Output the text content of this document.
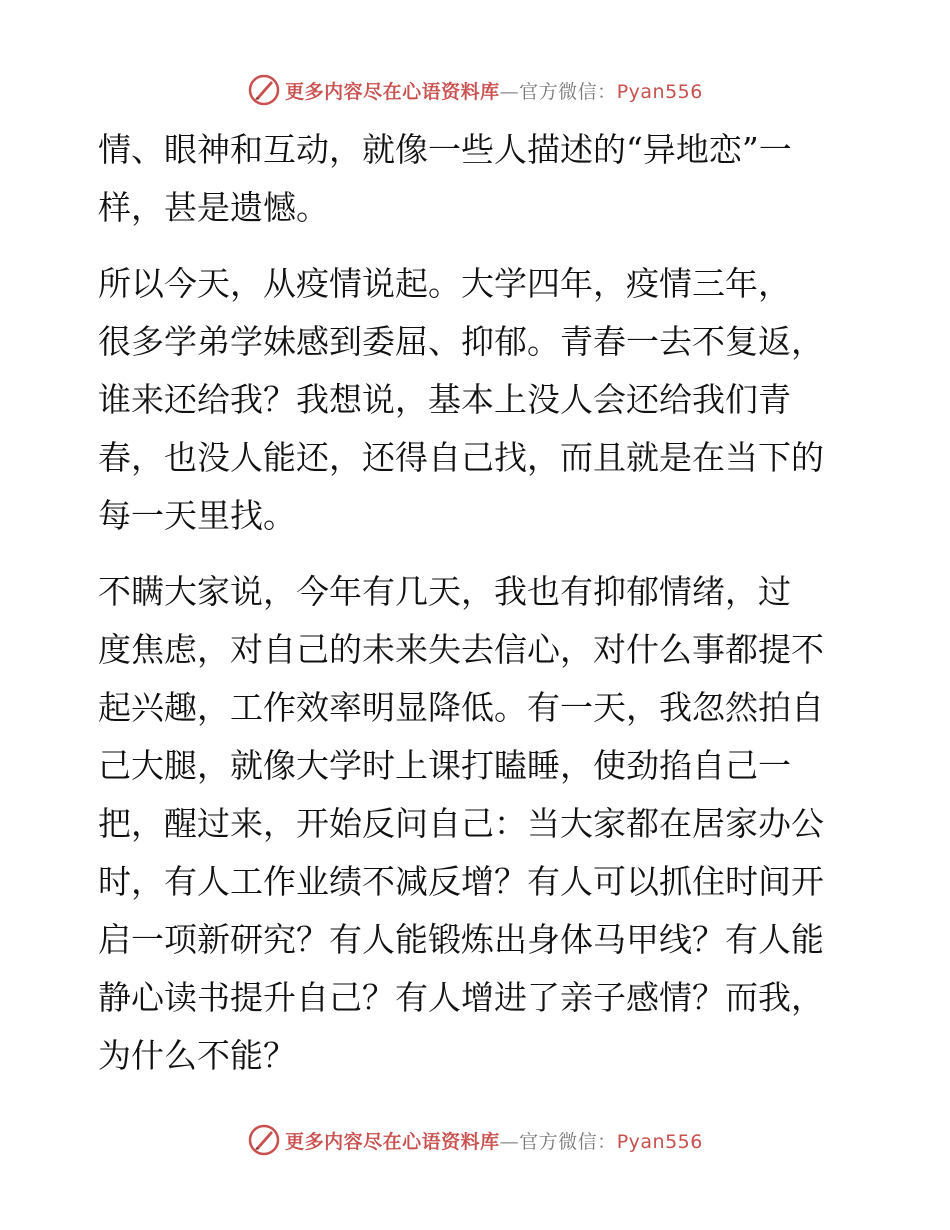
更多内容尽在心语资料库—官方微信：Pyan556

情、眼神和互动，就像一些人描述的“异地恋”一
样，甚是遗憾。

所以今天，从疫情说起。大学四年，疫情三年，
很多学弟学妹感到委屈、抑郁。青春一去不复返，
谁来还给我？我想说，基本上没人会还给我们青
春，也没人能还，还得自己找，而且就是在当下的
每一天里找。

不瞒大家说，今年有几天，我也有抑郁情绪，过
度焦虑，对自己的未来失去信心，对什么事都提不
起兴趣，工作效率明显降低。有一天，我忽然拍自
己大腿，就像大学时上课打瞌睡，使劲掐自己一
把，醒过来，开始反问自己：当大家都在居家办公
时，有人工作业绩不减反增？有人可以抓住时间开
启一项新研究？有人能锻炼出身体马甲线？有人能
静心读书提升自己？有人增进了亲子感情？而我，
为什么不能？

更多内容尽在心语资料库—官方微信：Pyan556
